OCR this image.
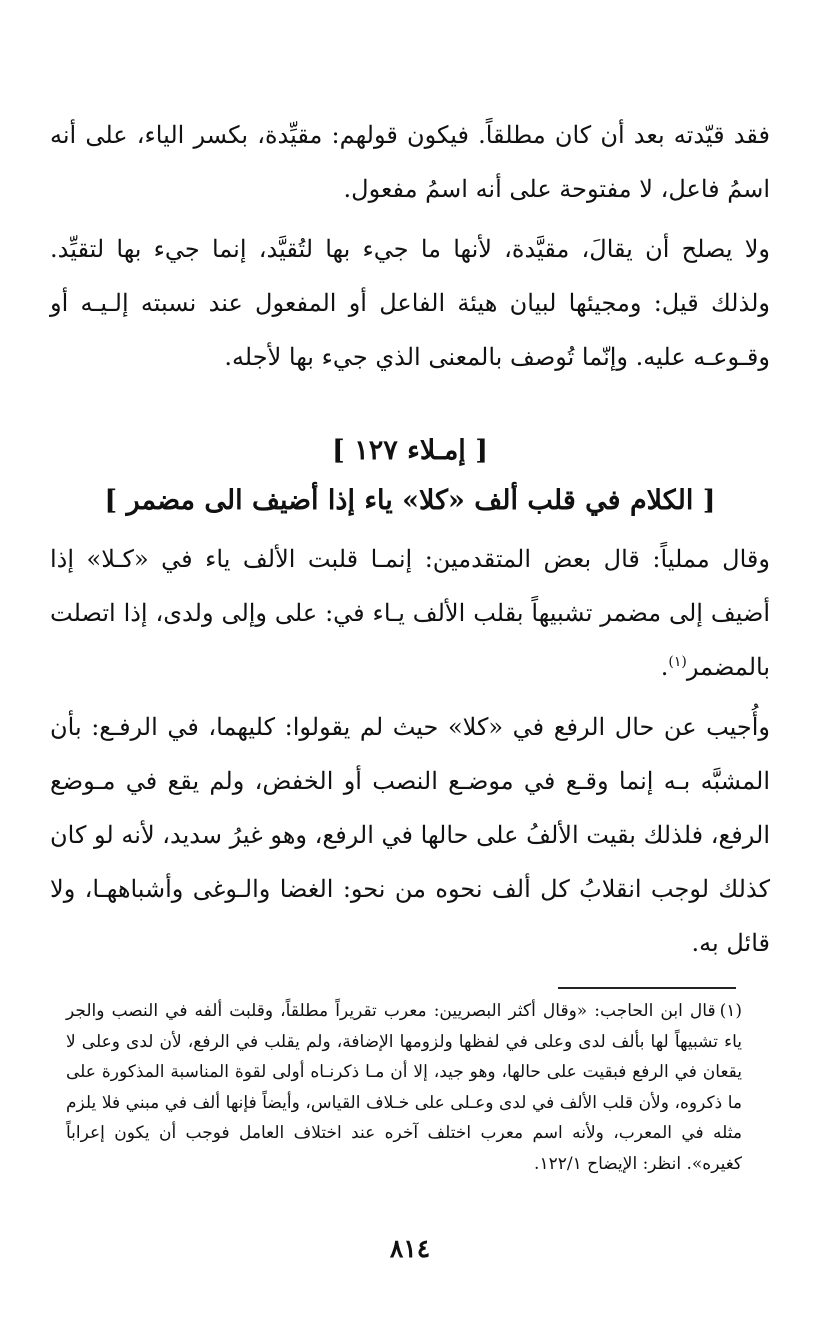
فقد قيّدته بعد أن كان مطلقاً. فيكون قولهم: مقيِّدة، بكسر الياء، على أنه اسمُ فاعل، لا مفتوحة على أنه اسمُ مفعول.

ولا يصلح أن يقالَ، مقيَّدة، لأنها ما جيء بها لتُقيَّد، إنما جيء بها لتقيِّد. ولذلك قيل: ومجيئها لبيان هيئة الفاعل أو المفعول عند نسبته إلـيـه أو وقـوعـه عليه. وإنّما تُوصف بالمعنى الذي جيء بها لأجله.

[ إمـلاء ١٢٧ ]

[ الكلام في قلب ألف «كلا» ياء إذا أضيف الى مضمر ]

وقال مملياً: قال بعض المتقدمين: إنمـا قلبت الألف ياء في «كـلا» إذا أضيف إلى مضمر تشبيهاً بقلب الألف يـاء في: على وإلى ولدى، إذا اتصلت بالمضمر$^{(١)}$.

وأُجيب عن حال الرفع في «كلا» حيث لم يقولوا: كليهما، في الرفـع: بأن المشبَّه بـه إنما وقـع في موضـع النصب أو الخفض، ولم يقع في مـوضع الرفع، فلذلك بقيت الألفُ على حالها في الرفع، وهو غيرُ سديد، لأنه لو كان كذلك لوجب انقلابُ كل ألف نحوه من نحو: الغضا والـوغى وأشباههـا، ولا قائل به.

(١)قال ابن الحاجب: «وقال أكثر البصريين: معرب تقريراً مطلقاً، وقلبت ألفه في النصب والجر ياء تشبيهاً لها بألف لدى وعلى في لفظها ولزومها الإضافة، ولم يقلب في الرفع، لأن لدى وعلى لا يقعان في الرفع فبقيت على حالها، وهو جيد، إلا أن مـا ذكرنـاه أولى لقوة المناسبة المذكورة على ما ذكروه، ولأن قلب الألف في لدى وعـلى على خـلاف القياس، وأيضاً فإنها ألف في مبني فلا يلزم مثله في المعرب، ولأنه اسم معرب اختلف آخره عند اختلاف العامل فوجب أن يكون إعراباً كغيره». انظر: الإيضاح ١٢٢/١.
٨١٤
